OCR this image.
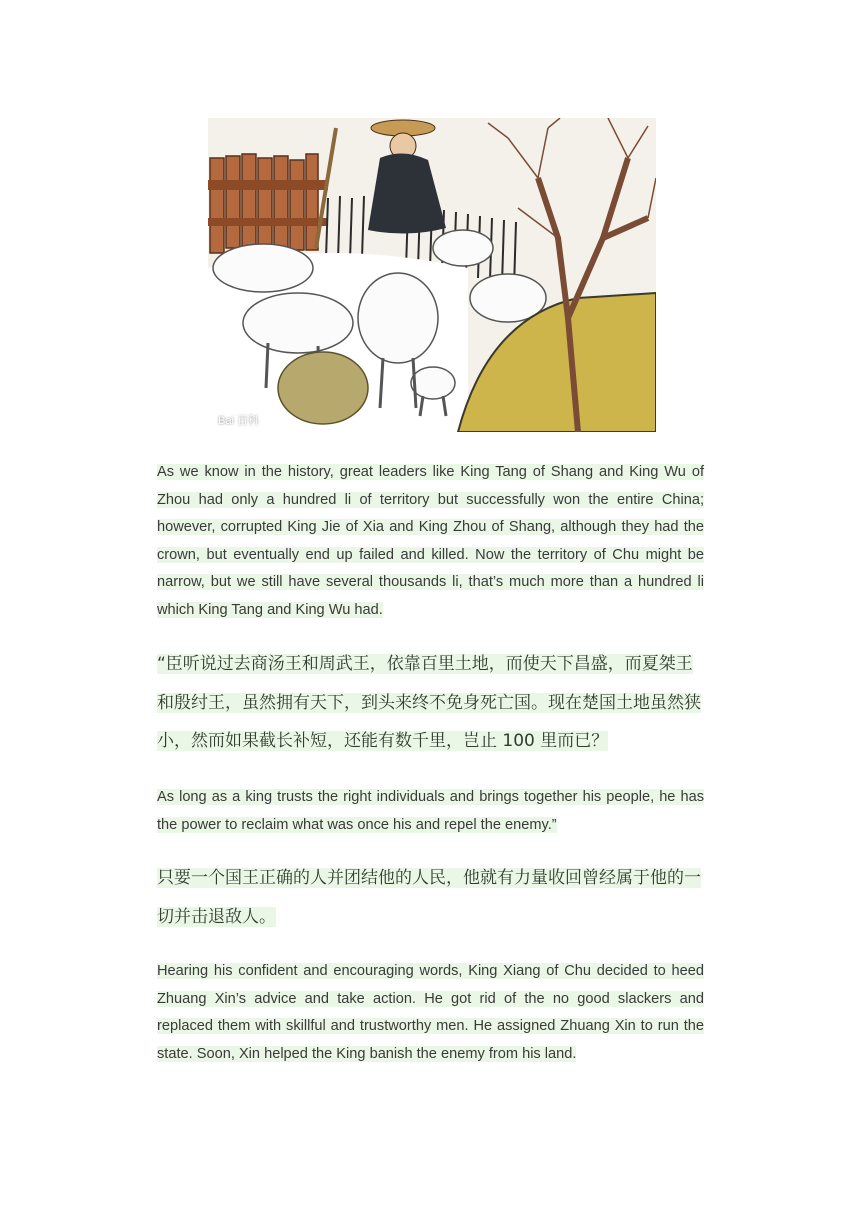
Bai 百科

As we know in the history, great leaders like King Tang of Shang and King Wu of Zhou had only a hundred li of territory but successfully won the entire China; however, corrupted King Jie of Xia and King Zhou of Shang, although they had the crown, but eventually end up failed and killed. Now the territory of Chu might be narrow, but we still have several thousands li, that’s much more than a hundred li which King Tang and King Wu had.

“臣听说过去商汤王和周武王，依靠百里土地，而使天下昌盛，而夏桀王和殷纣王，虽然拥有天下，到头来终不免身死亡国。现在楚国土地虽然狭小，然而如果截长补短，还能有数千里，岂止 100 里而已？

As long as a king trusts the right individuals and brings together his people, he has the power to reclaim what was once his and repel the enemy.”

只要一个国王正确的人并团结他的人民，他就有力量收回曾经属于他的一切并击退敌人。

Hearing his confident and encouraging words, King Xiang of Chu decided to heed Zhuang Xin’s advice and take action. He got rid of the no good slackers and replaced them with skillful and trustworthy men. He assigned Zhuang Xin to run the state. Soon, Xin helped the King banish the enemy from his land.
